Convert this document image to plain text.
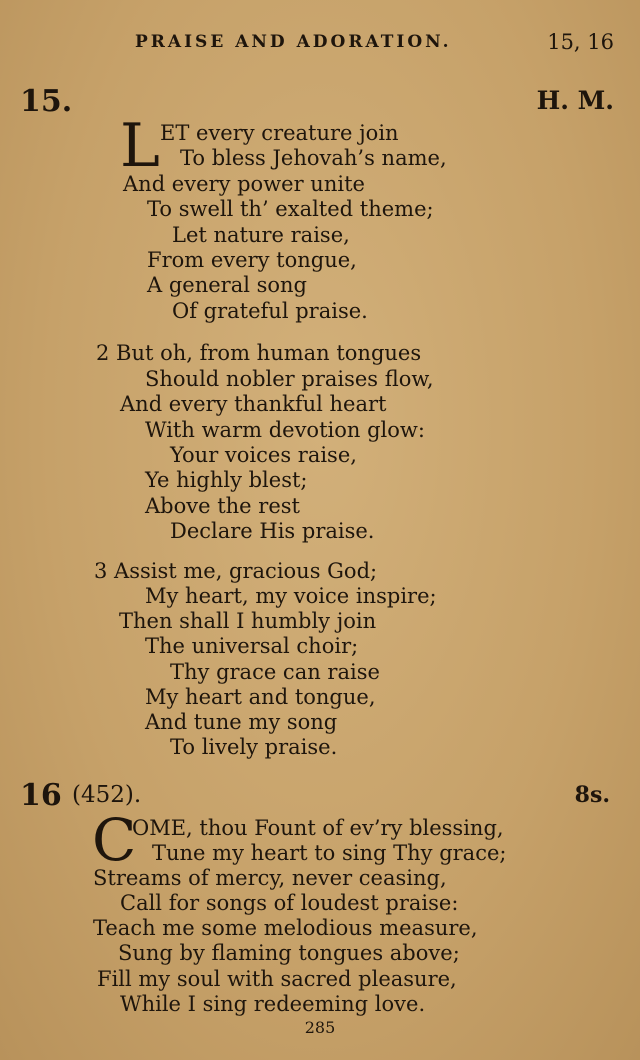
PRAISE AND ADORATION.	15, 16
15.	H. M.
L ET every creature join
To bless Jehovah’s name,
And every power unite
To swell th’ exalted theme;
Let nature raise,
From every tongue,
A general song
Of grateful praise.
2 But oh, from human tongues
Should nobler praises flow,
And every thankful heart
With warm devotion glow:
Your voices raise,
Ye highly blest;
Above the rest
Declare His praise.
3 Assist me, gracious God;
My heart, my voice inspire;
Then shall I humbly join
The universal choir;
Thy grace can raise
My heart and tongue,
And tune my song
To lively praise.
16 (452).	8s.
C
OME, thou Fount of ev’ry blessing,
Tune my heart to sing Thy grace;
Streams of mercy, never ceasing,
Call for songs of loudest praise:
Teach me some melodious measure,
Sung by flaming tongues above;
Fill my soul with sacred pleasure,
While I sing redeeming love.
285
